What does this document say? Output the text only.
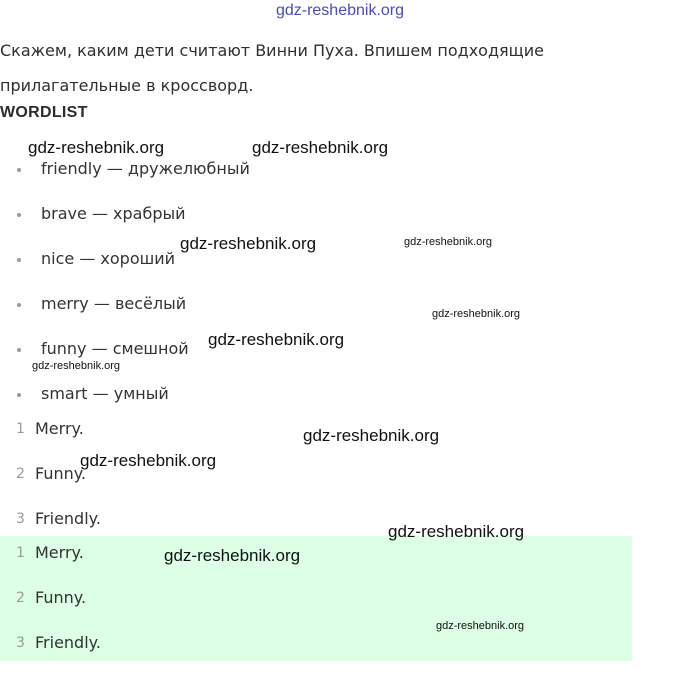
gdz-reshebnik.org
Скажем, каким дети считают Винни Пуха. Впишем подходящие прилагательные в кроссворд.
WORDLIST
friendly — дружелюбный
brave — храбрый
nice — хороший
merry — весёлый
funny — смешной
smart — умный
1 Merry.
2 Funny.
3 Friendly.
1 Merry.
2 Funny.
3 Friendly.
gdz-reshebnik.org	gdz-reshebnik.org
gdz-reshebnik.org	gdz-reshebnik.org
gdz-reshebnik.org
gdz-reshebnik.org
gdz-reshebnik.org
gdz-reshebnik.org
gdz-reshebnik.org
gdz-reshebnik.org
gdz-reshebnik.org
gdz-reshebnik.org
